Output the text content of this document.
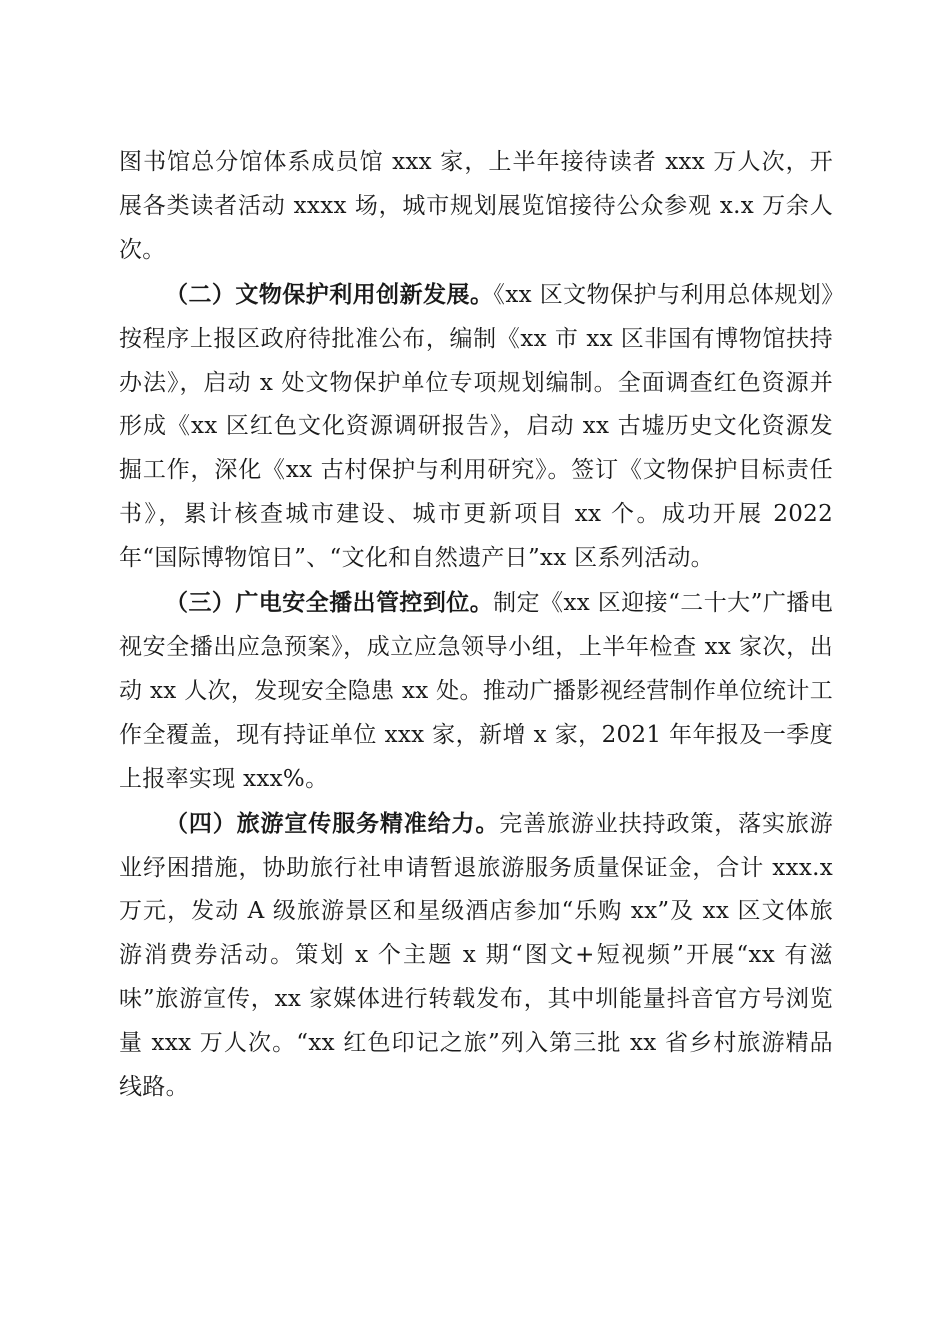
图书馆总分馆体系成员馆 xxx 家，上半年接待读者 xxx 万人次，开展各类读者活动 xxxx 场，城市规划展览馆接待公众参观 x.x 万余人次。

（二）文物保护利用创新发展。《xx 区文物保护与利用总体规划》按程序上报区政府待批准公布，编制《xx 市 xx 区非国有博物馆扶持办法》，启动 x 处文物保护单位专项规划编制。全面调查红色资源并形成《xx 区红色文化资源调研报告》，启动 xx 古墟历史文化资源发掘工作，深化《xx 古村保护与利用研究》。签订《文物保护目标责任书》，累计核查城市建设、城市更新项目 xx 个。成功开展 2022 年“国际博物馆日”、“文化和自然遗产日”xx 区系列活动。

（三）广电安全播出管控到位。制定《xx 区迎接“二十大”广播电视安全播出应急预案》，成立应急领导小组，上半年检查 xx 家次，出动 xx 人次，发现安全隐患 xx 处。推动广播影视经营制作单位统计工作全覆盖，现有持证单位 xxx 家，新增 x 家，2021 年年报及一季度上报率实现 xxx%。

（四）旅游宣传服务精准给力。完善旅游业扶持政策，落实旅游业纾困措施，协助旅行社申请暂退旅游服务质量保证金，合计 xxx.x 万元，发动 A 级旅游景区和星级酒店参加“乐购 xx”及 xx 区文体旅游消费券活动。策划 x 个主题 x 期“图文+短视频”开展“xx 有滋味”旅游宣传，xx 家媒体进行转载发布，其中圳能量抖音官方号浏览量 xxx 万人次。“xx 红色印记之旅”列入第三批 xx 省乡村旅游精品线路。
